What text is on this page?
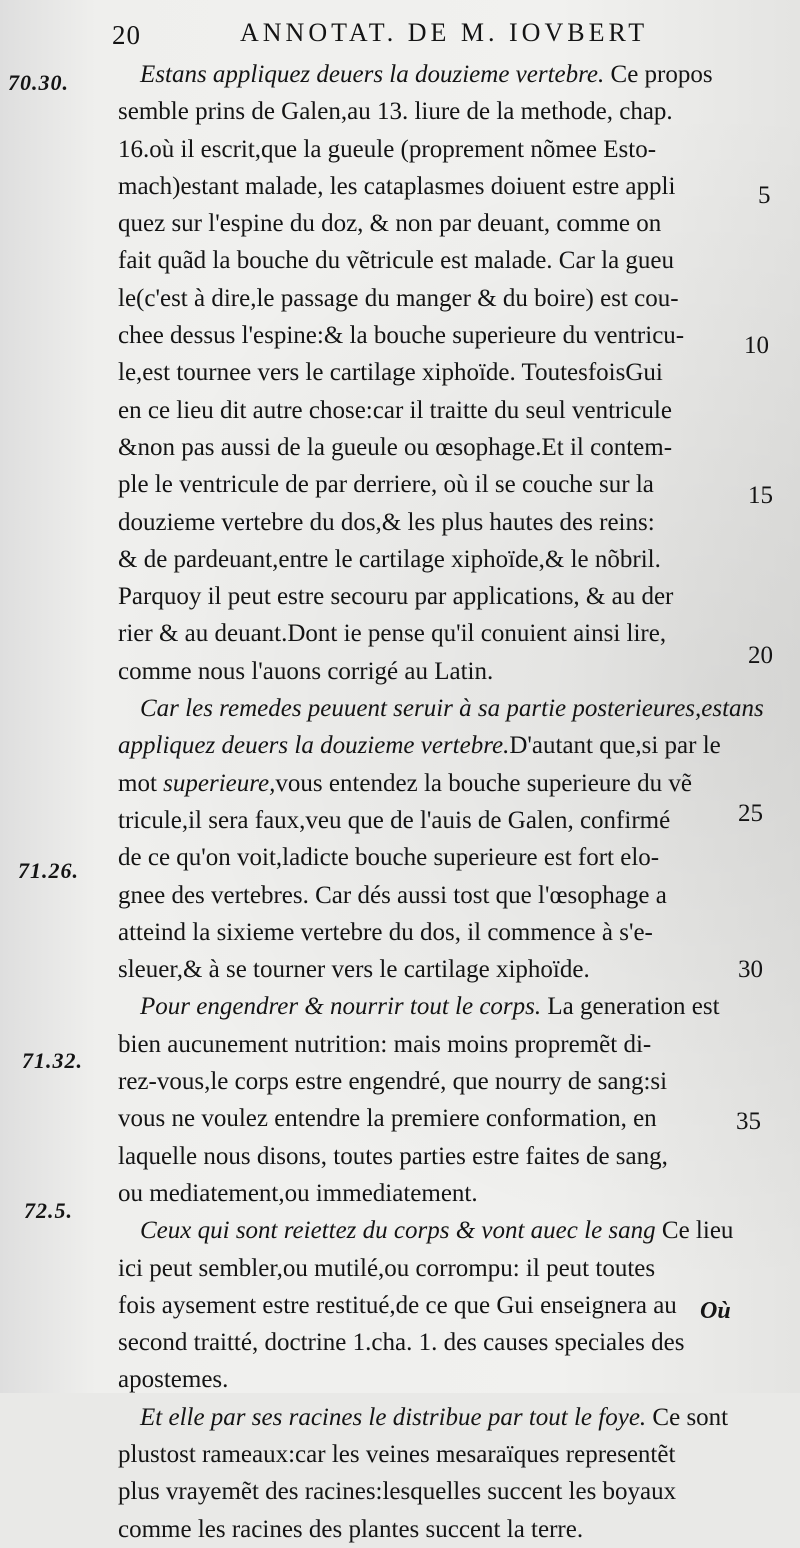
20	ANNOTAT. DE M. IOVBERT
70.30.
71.26.
71.32.
72.5.
5
10
15
20
25
30
35
Estans appliquez deuers la douzieme vertebre. Ce propos
semble prins de Galen,au 13. liure de la methode, chap.
16.où il escrit,que la gueule (proprement nõmee Esto-
mach)estant malade, les cataplasmes doiuent estre appli
quez sur l'espine du doz, & non par deuant, comme on
fait quãd la bouche du vẽtricule est malade. Car la gueu
le(c'est à dire,le passage du manger & du boire) est cou-
chee dessus l'espine:& la bouche superieure du ventricu-
le,est tournee vers le cartilage xiphoïde. ToutesfoisGui
en ce lieu dit autre chose:car il traitte du seul ventricule
&non pas aussi de la gueule ou œsophage.Et il contem-
ple le ventricule de par derriere, où il se couche sur la
douzieme vertebre du dos,& les plus hautes des reins:
& de pardeuant,entre le cartilage xiphoïde,& le nõbril.
Parquoy il peut estre secouru par applications, & au der
rier & au deuant.Dont ie pense qu'il conuient ainsi lire,
comme nous l'auons corrigé au Latin.
Car les remedes peuuent seruir à sa partie posterieures,estans
appliquez deuers la douzieme vertebre.D'autant que,si par le
mot superieure,vous entendez la bouche superieure du vẽ
tricule,il sera faux,veu que de l'auis de Galen, confirmé
de ce qu'on voit,ladicte bouche superieure est fort elo-
gnee des vertebres. Car dés aussi tost que l'œsophage a
atteind la sixieme vertebre du dos, il commence à s'e-
sleuer,& à se tourner vers le cartilage xiphoïde.
Pour engendrer & nourrir tout le corps. La generation est
bien aucunement nutrition: mais moins propremẽt di-
rez-vous,le corps estre engendré, que nourry de sang:si
vous ne voulez entendre la premiere conformation, en
laquelle nous disons, toutes parties estre faites de sang,
ou mediatement,ou immediatement.
Ceux qui sont reiettez du corps & vont auec le sang Ce lieu
ici peut sembler,ou mutilé,ou corrompu: il peut toutes
fois aysement estre restitué,de ce que Gui enseignera au
second traitté, doctrine 1.cha. 1. des causes speciales des
apostemes.
Et elle par ses racines le distribue par tout le foye. Ce sont
plustost rameaux:car les veines mesaraïques representẽt
plus vrayemẽt des racines:lesquelles succent les boyaux
comme les racines des plantes succent la terre.
Où
